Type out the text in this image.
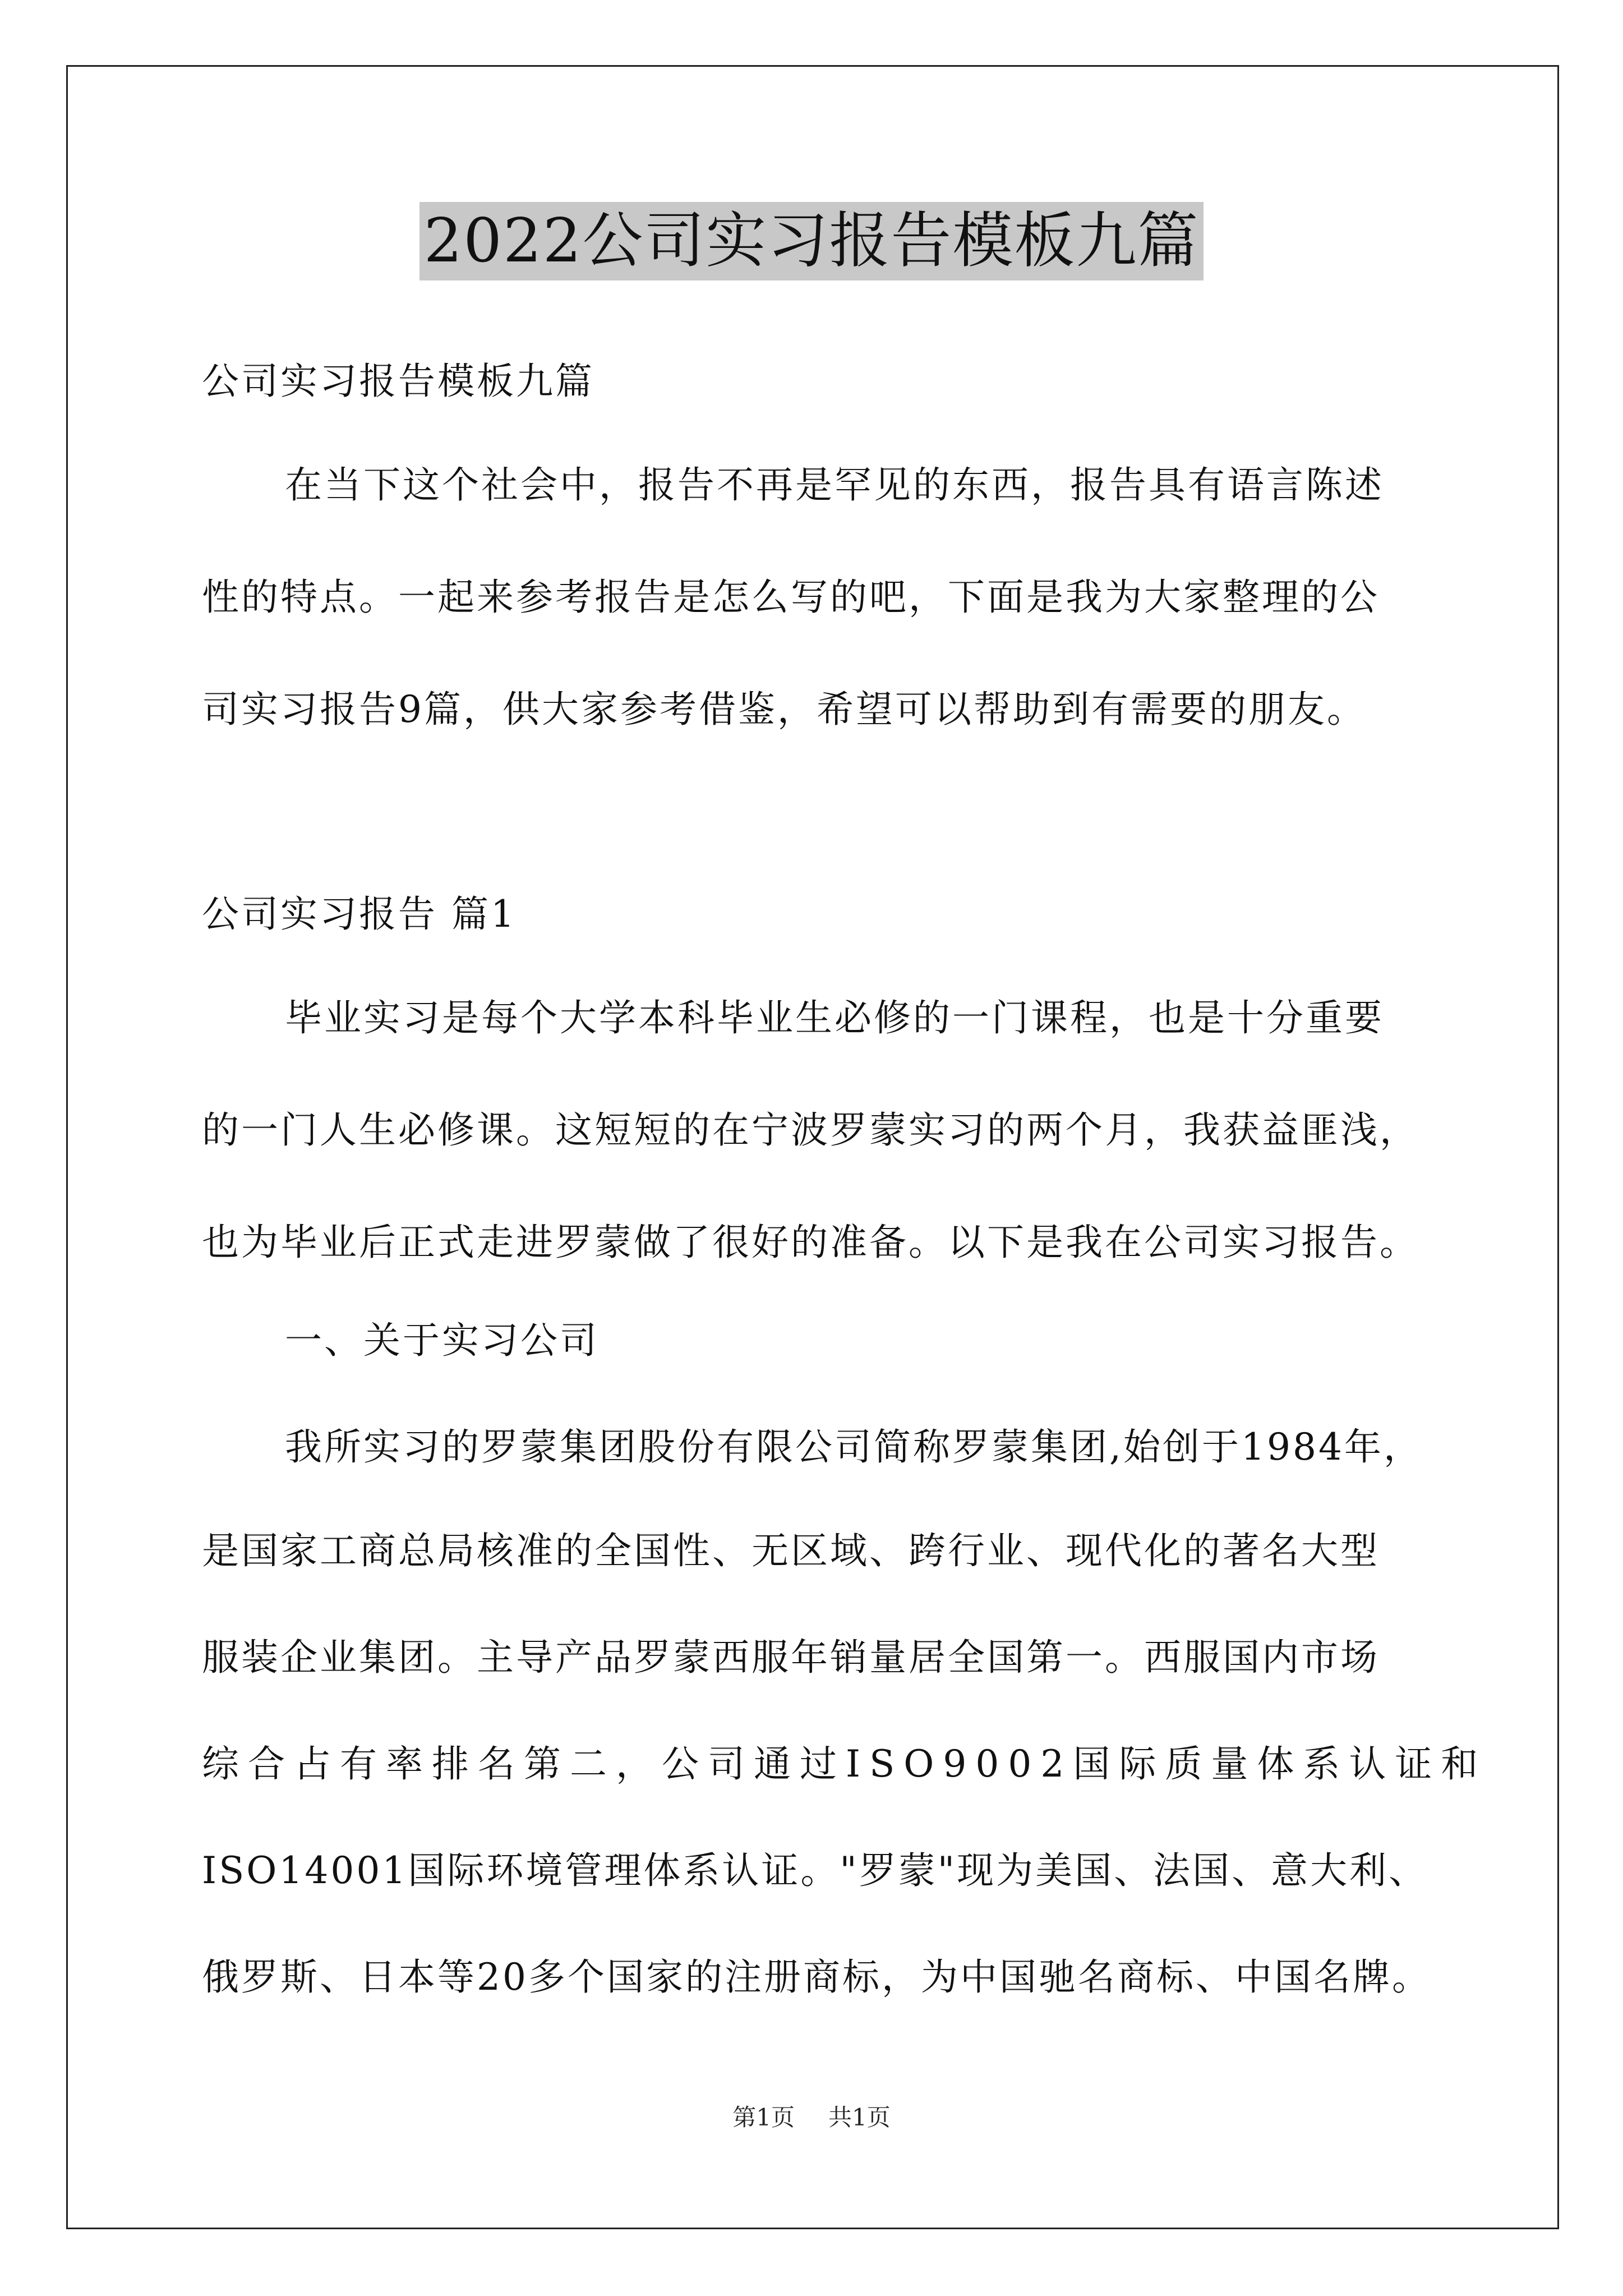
2022公司实习报告模板九篇
公司实习报告模板九篇
在当下这个社会中，报告不再是罕见的东西，报告具有语言陈述
性的特点。一起来参考报告是怎么写的吧，下面是我为大家整理的公
司实习报告9篇，供大家参考借鉴，希望可以帮助到有需要的朋友。
公司实习报告 篇1
毕业实习是每个大学本科毕业生必修的一门课程，也是十分重要
的一门人生必修课。这短短的在宁波罗蒙实习的两个月，我获益匪浅，
也为毕业后正式走进罗蒙做了很好的准备。以下是我在公司实习报告。
一、关于实习公司
我所实习的罗蒙集团股份有限公司简称罗蒙集团,始创于1984年，
是国家工商总局核准的全国性、无区域、跨行业、现代化的著名大型
服装企业集团。主导产品罗蒙西服年销量居全国第一。西服国内市场
综合占有率排名第二，公司通过ISO9002国际质量体系认证和
ISO14001国际环境管理体系认证。"罗蒙"现为美国、法国、意大利、
俄罗斯、日本等20多个国家的注册商标，为中国驰名商标、中国名牌。
第1页 共1页
